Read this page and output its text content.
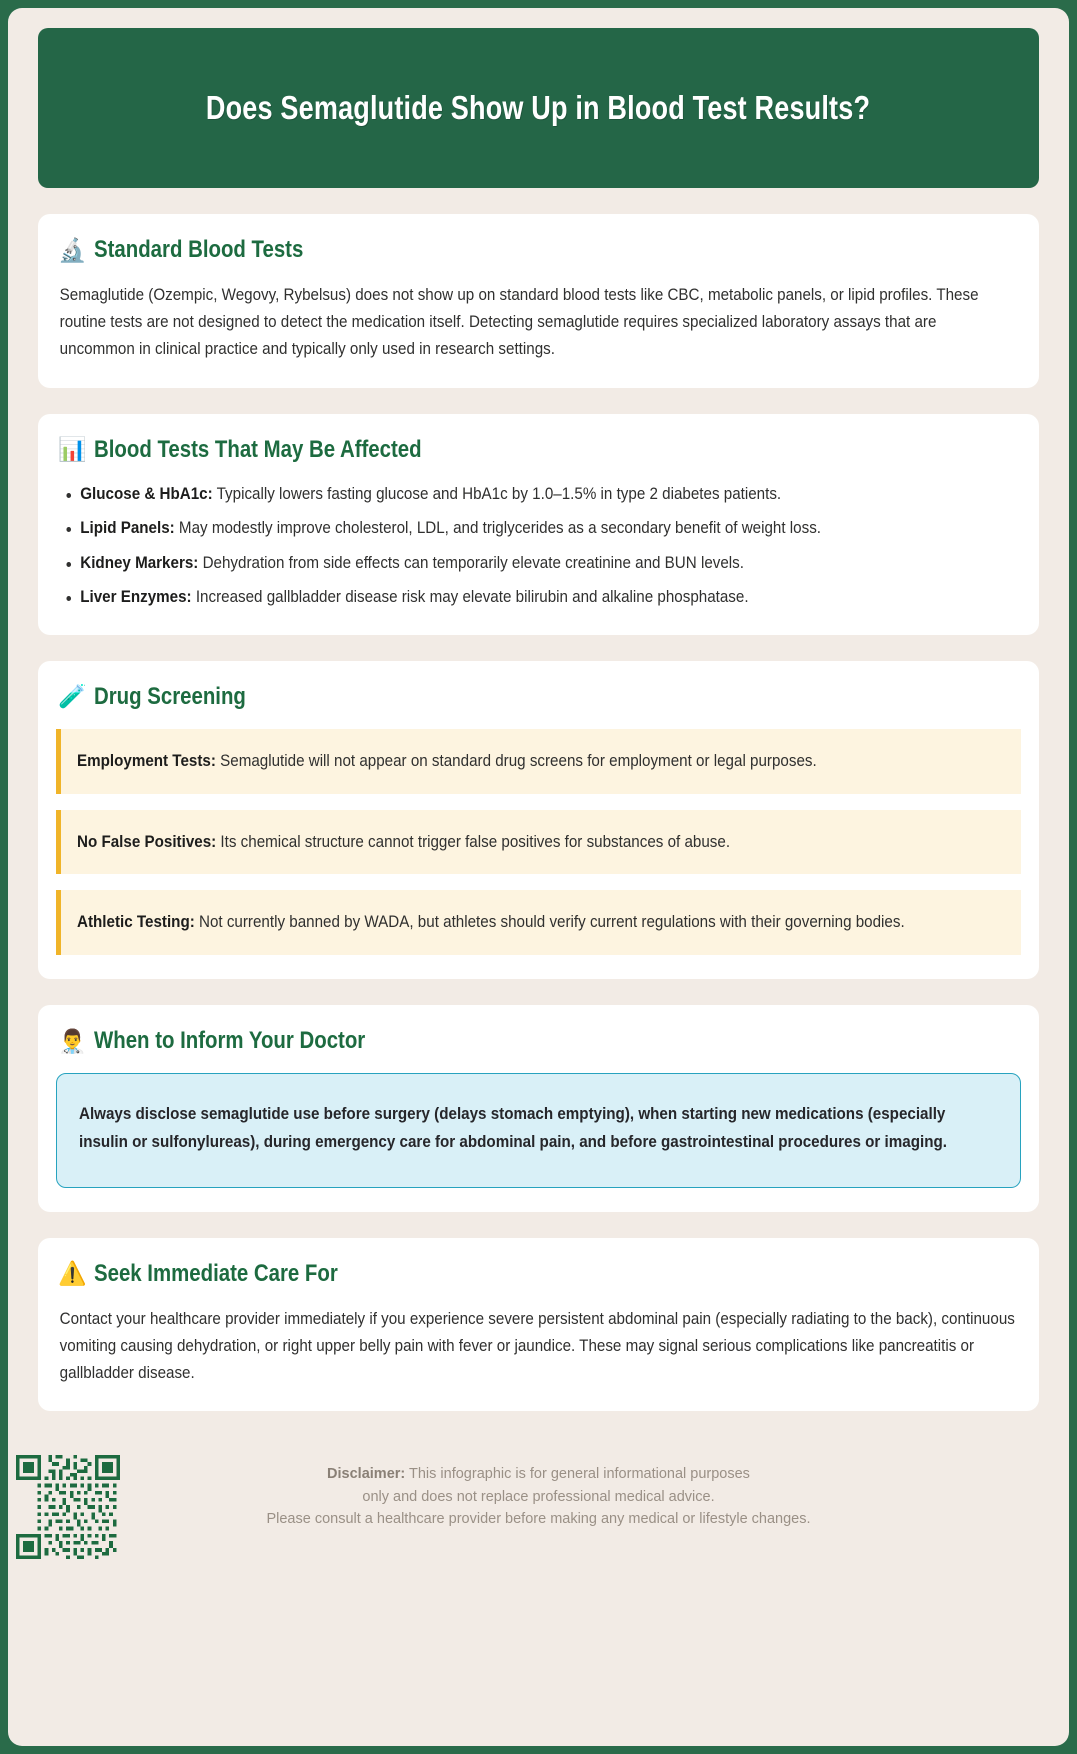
Does Semaglutide Show Up in Blood Test Results?
🔬 Standard Blood Tests
Semaglutide (Ozempic, Wegovy, Rybelsus) does not show up on standard blood tests like CBC, metabolic panels, or lipid profiles. These routine tests are not designed to detect the medication itself. Detecting semaglutide requires specialized laboratory assays that are uncommon in clinical practice and typically only used in research settings.
📊 Blood Tests That May Be Affected
Glucose & HbA1c: Typically lowers fasting glucose and HbA1c by 1.0–1.5% in type 2 diabetes patients.
Lipid Panels: May modestly improve cholesterol, LDL, and triglycerides as a secondary benefit of weight loss.
Kidney Markers: Dehydration from side effects can temporarily elevate creatinine and BUN levels.
Liver Enzymes: Increased gallbladder disease risk may elevate bilirubin and alkaline phosphatase.
🧪 Drug Screening
Employment Tests: Semaglutide will not appear on standard drug screens for employment or legal purposes.
No False Positives: Its chemical structure cannot trigger false positives for substances of abuse.
Athletic Testing: Not currently banned by WADA, but athletes should verify current regulations with their governing bodies.
👨‍⚕️ When to Inform Your Doctor
Always disclose semaglutide use before surgery (delays stomach emptying), when starting new medications (especially insulin or sulfonylureas), during emergency care for abdominal pain, and before gastrointestinal procedures or imaging.
⚠️ Seek Immediate Care For
Contact your healthcare provider immediately if you experience severe persistent abdominal pain (especially radiating to the back), continuous vomiting causing dehydration, or right upper belly pain with fever or jaundice. These may signal serious complications like pancreatitis or gallbladder disease.
Disclaimer: This infographic is for general informational purposes
only and does not replace professional medical advice.
Please consult a healthcare provider before making any medical or lifestyle changes.
